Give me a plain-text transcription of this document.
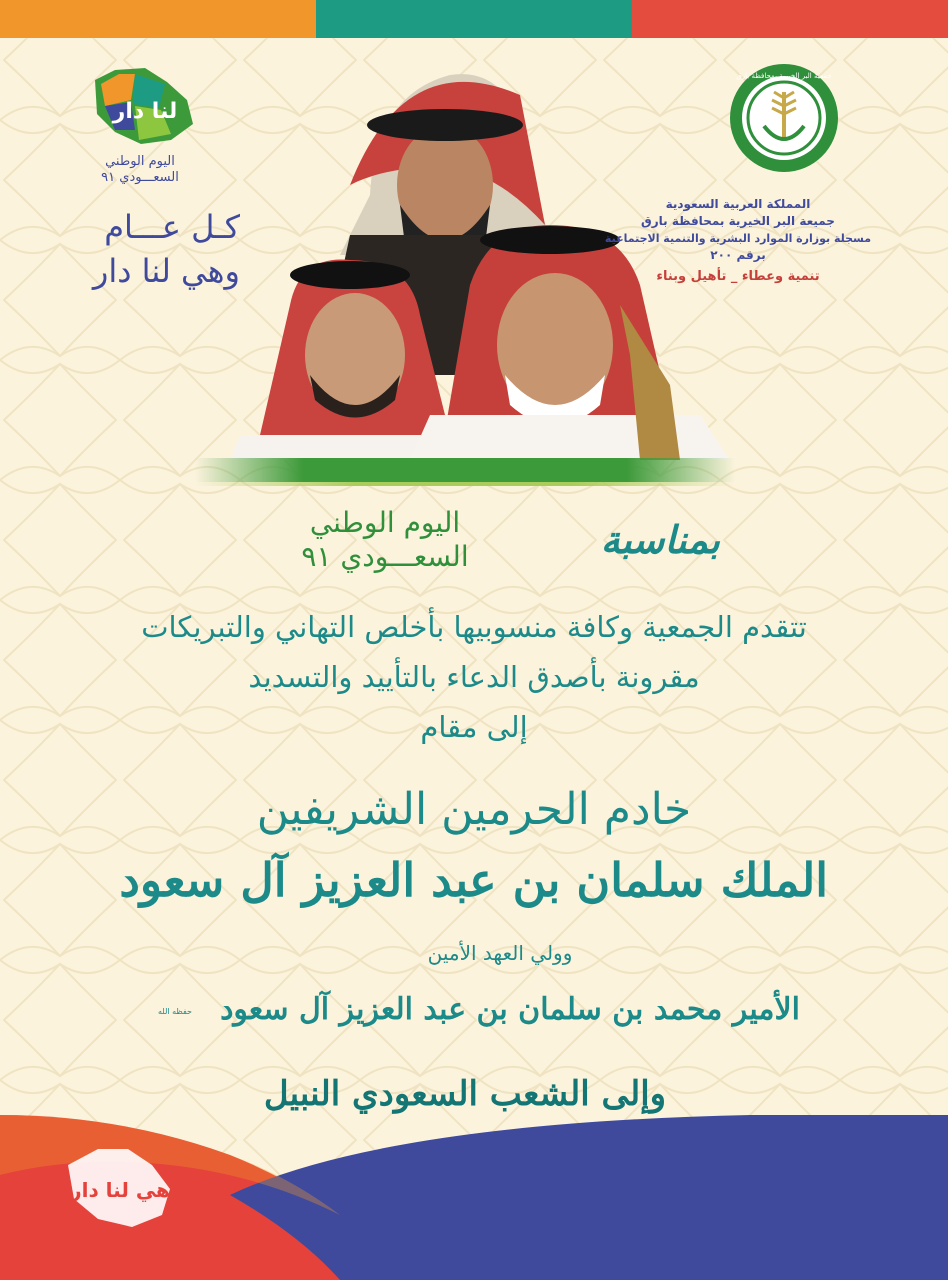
لنا دار
اليوم الوطني
السعـــودي ٩١
كـل عـــام
وهي لنا دار
جمعية البر الخيرية بمحافظة بارق
المملكة العربية السعودية
جميعة البر الخيرية بمحافظة بارق
مسجلة بوزارة الموارد البشرية والتنمية الاجتماعية
برقم ٢٠٠
تنمية وعطاء _ تأهيل وبناء
بمناسبة
اليوم الوطني
السعـــودي ٩١
تتقدم الجمعية وكافة منسوبيها بأخلص التهاني والتبريكات
مقرونة بأصدق الدعاء بالتأييد والتسديد
إلى مقام
خادم الحرمين الشريفين
الملك سلمان بن عبد العزيز آل سعود
وولي العهد الأمين
الأمير محمد بن سلمان بن عبد العزيز آل سعود
حفظه الله
وإلى الشعب السعودي النبيل
هي لنا دار
